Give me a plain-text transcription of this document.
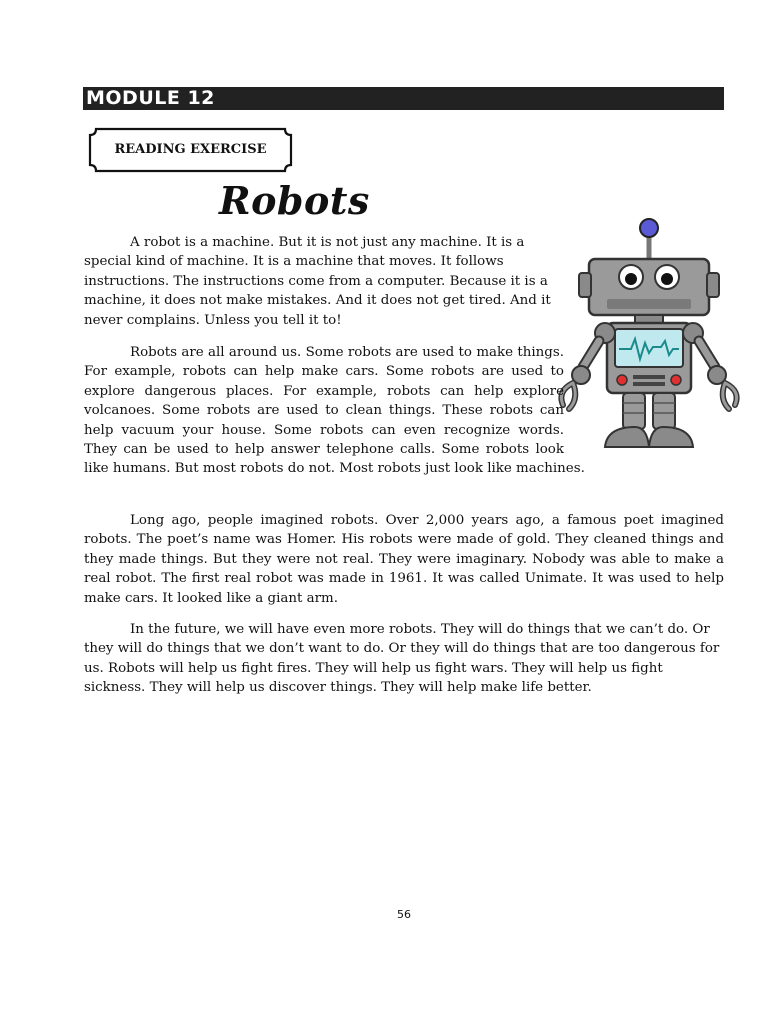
MODULE 12
READING EXERCISE
Robots

A robot is a machine. But it is not just any machine. It is a special kind of machine. It is a machine that moves. It follows instructions. The instructions come from a computer. Because it is a machine, it does not make mistakes. And it does not get tired. And it never complains. Unless you tell it to!

Robots are all around us. Some robots are used to make things. For example, robots can help make cars. Some robots are used to explore dangerous places. For example, robots can help explore volcanoes. Some robots are used to clean things. These robots can help vacuum your house. Some robots can even recognize words. They can be used to help answer telephone calls. Some robots look like humans. But most robots do not. Most robots just look like machines.

Long ago, people imagined robots. Over 2,000 years ago, a famous poet imagined robots. The poet’s name was Homer. His robots were made of gold. They cleaned things and they made things. But they were not real. They were imaginary. Nobody was able to make a real robot. The first real robot was made in 1961. It was called Unimate. It was used to help make cars. It looked like a giant arm.

In the future, we will have even more robots. They will do things that we can’t do. Or they will do things that we don’t want to do. Or they will do things that are too dangerous for us. Robots will help us fight fires. They will help us fight wars. They will help us fight sickness. They will help us discover things. They will help make life better.

56
